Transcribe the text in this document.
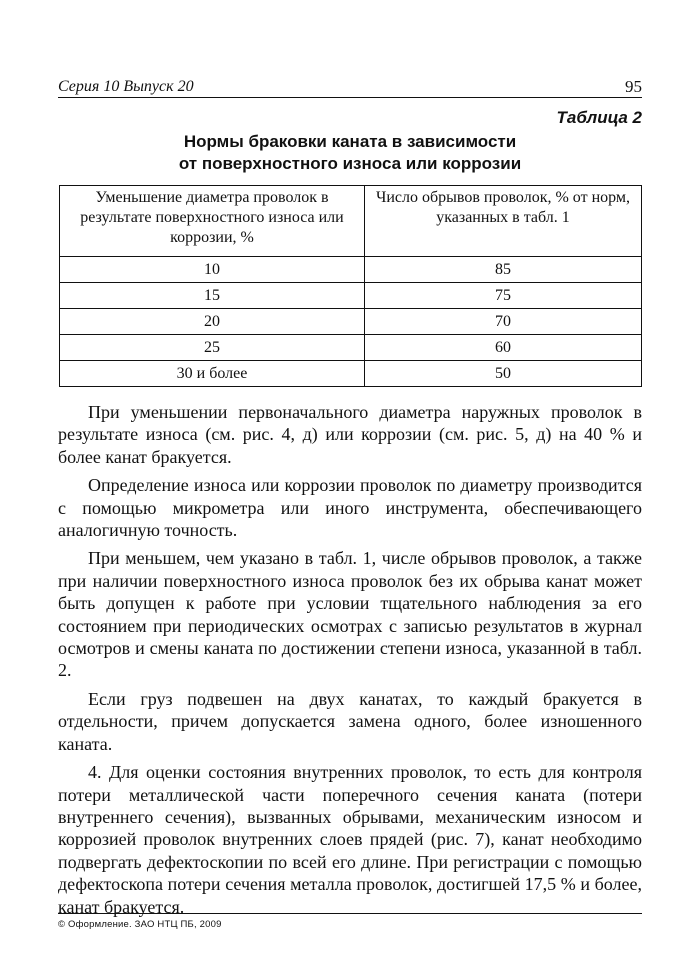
Серия 10 Выпуск 20	95
Таблица 2
Нормы браковки каната в зависимости
от поверхностного износа или коррозии
Уменьшение диаметра проволок в результате поверхностного износа или коррозии, %	Число обрывов проволок, % от норм, указанных в табл. 1
10	85
15	75
20	70
25	60
30 и более	50

При уменьшении первоначального диаметра наружных проволок в результате износа (см. рис. 4, д) или коррозии (см. рис. 5, д) на 40 % и более канат бракуется.

Определение износа или коррозии проволок по диаметру производится с помощью микрометра или иного инструмента, обеспечивающего аналогичную точность.

При меньшем, чем указано в табл. 1, числе обрывов проволок, а также при наличии поверхностного износа проволок без их обрыва канат может быть допущен к работе при условии тщательного наблюдения за его состоянием при периодических осмотрах с записью результатов в журнал осмотров и смены каната по достижении степени износа, указанной в табл. 2.

Если груз подвешен на двух канатах, то каждый бракуется в отдельности, причем допускается замена одного, более изношенного каната.

4. Для оценки состояния внутренних проволок, то есть для контроля потери металлической части поперечного сечения каната (потери внутреннего сечения), вызванных обрывами, механическим износом и коррозией проволок внутренних слоев прядей (рис. 7), канат необходимо подвергать дефектоскопии по всей его длине. При регистрации с помощью дефектоскопа потери сечения металла проволок, достигшей 17,5 % и более, канат бракуется.

© Оформление. ЗАО НТЦ ПБ, 2009
